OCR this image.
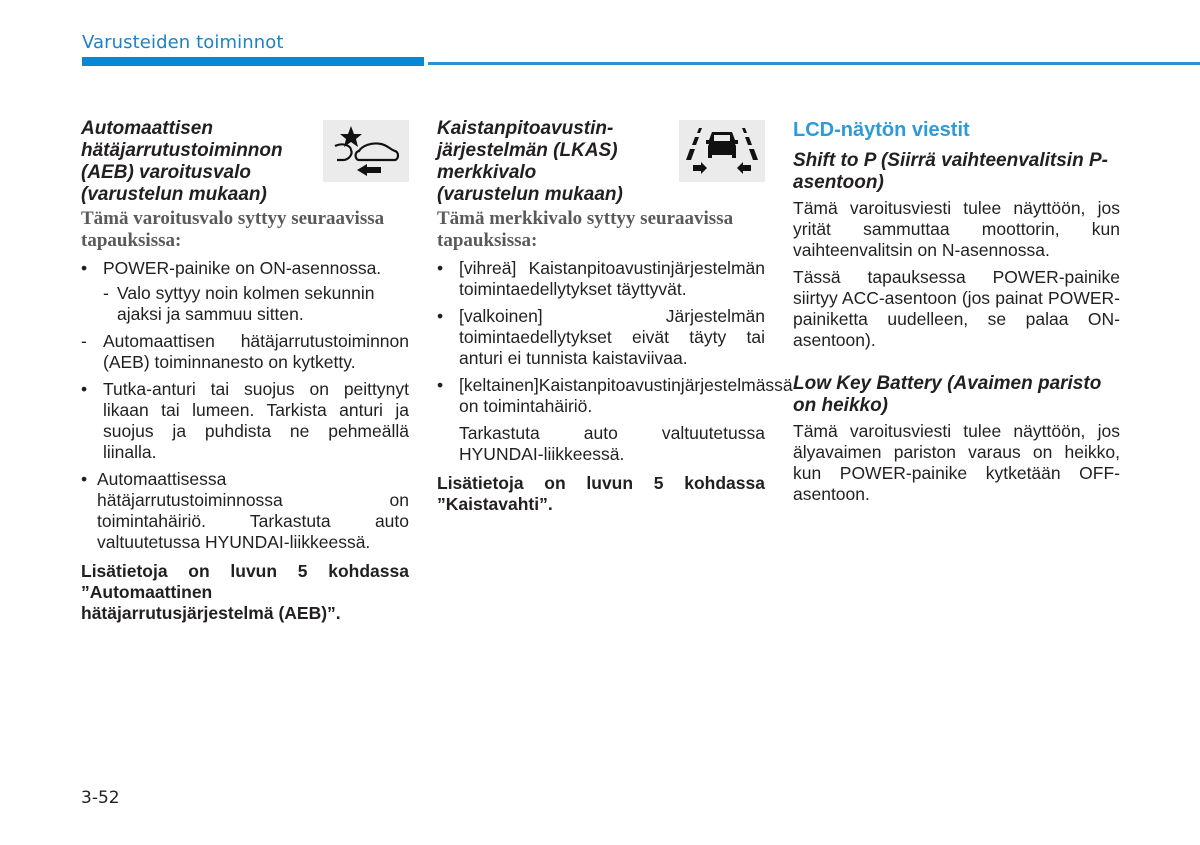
Varusteiden toiminnot
Automaattisen
hätäjarrutustoiminnon
(AEB) varoitusvalo
(varustelun mukaan)
Tämä varoitusvalo syttyy seuraavissa tapauksissa:
• POWER-painike on ON-asennossa.
- Valo syttyy noin kolmen sekunnin ajaksi ja sammuu sitten.
- Automaattisen hätäjarrutustoiminnon (AEB) toiminnanesto on kytketty.
• Tutka-anturi tai suojus on peittynyt likaan tai lumeen. Tarkista anturi ja suojus ja puhdista ne pehmeällä liinalla.
• Automaattisessa hätäjarrutustoiminnossa on toimintahäiriö. Tarkastuta auto valtuutetussa HYUNDAI-liikkeessä.
Lisätietoja on luvun 5 kohdassa ”Automaattinen hätäjarrutusjärjestelmä (AEB)”.
Kaistanpitoavustin-
järjestelmän (LKAS)
merkkivalo
(varustelun mukaan)
Tämä merkkivalo syttyy seuraavissa tapauksissa:
• [vihreä] Kaistanpitoavustinjärjestelmän toimintaedellytykset täyttyvät.
• [valkoinen] Järjestelmän toimintaedellytykset eivät täyty tai anturi ei tunnista kaistaviivaa.
• [keltainen]Kaistanpitoavustinjärjestelmässä on toimintahäiriö.
Tarkastuta auto valtuutetussa HYUNDAI-liikkeessä.
Lisätietoja on luvun 5 kohdassa ”Kaistavahti”.
LCD-näytön viestit
Shift to P (Siirrä vaihteenvalitsin P-asentoon)
Tämä varoitusviesti tulee näyttöön, jos yrität sammuttaa moottorin, kun vaihteenvalitsin on N-asennossa.
Tässä tapauksessa POWER-painike siirtyy ACC-asentoon (jos painat POWER-painiketta uudelleen, se palaa ON-asentoon).
Low Key Battery (Avaimen paristo on heikko)
Tämä varoitusviesti tulee näyttöön, jos älyavaimen pariston varaus on heikko, kun POWER-painike kytketään OFF-asentoon.
3-52
